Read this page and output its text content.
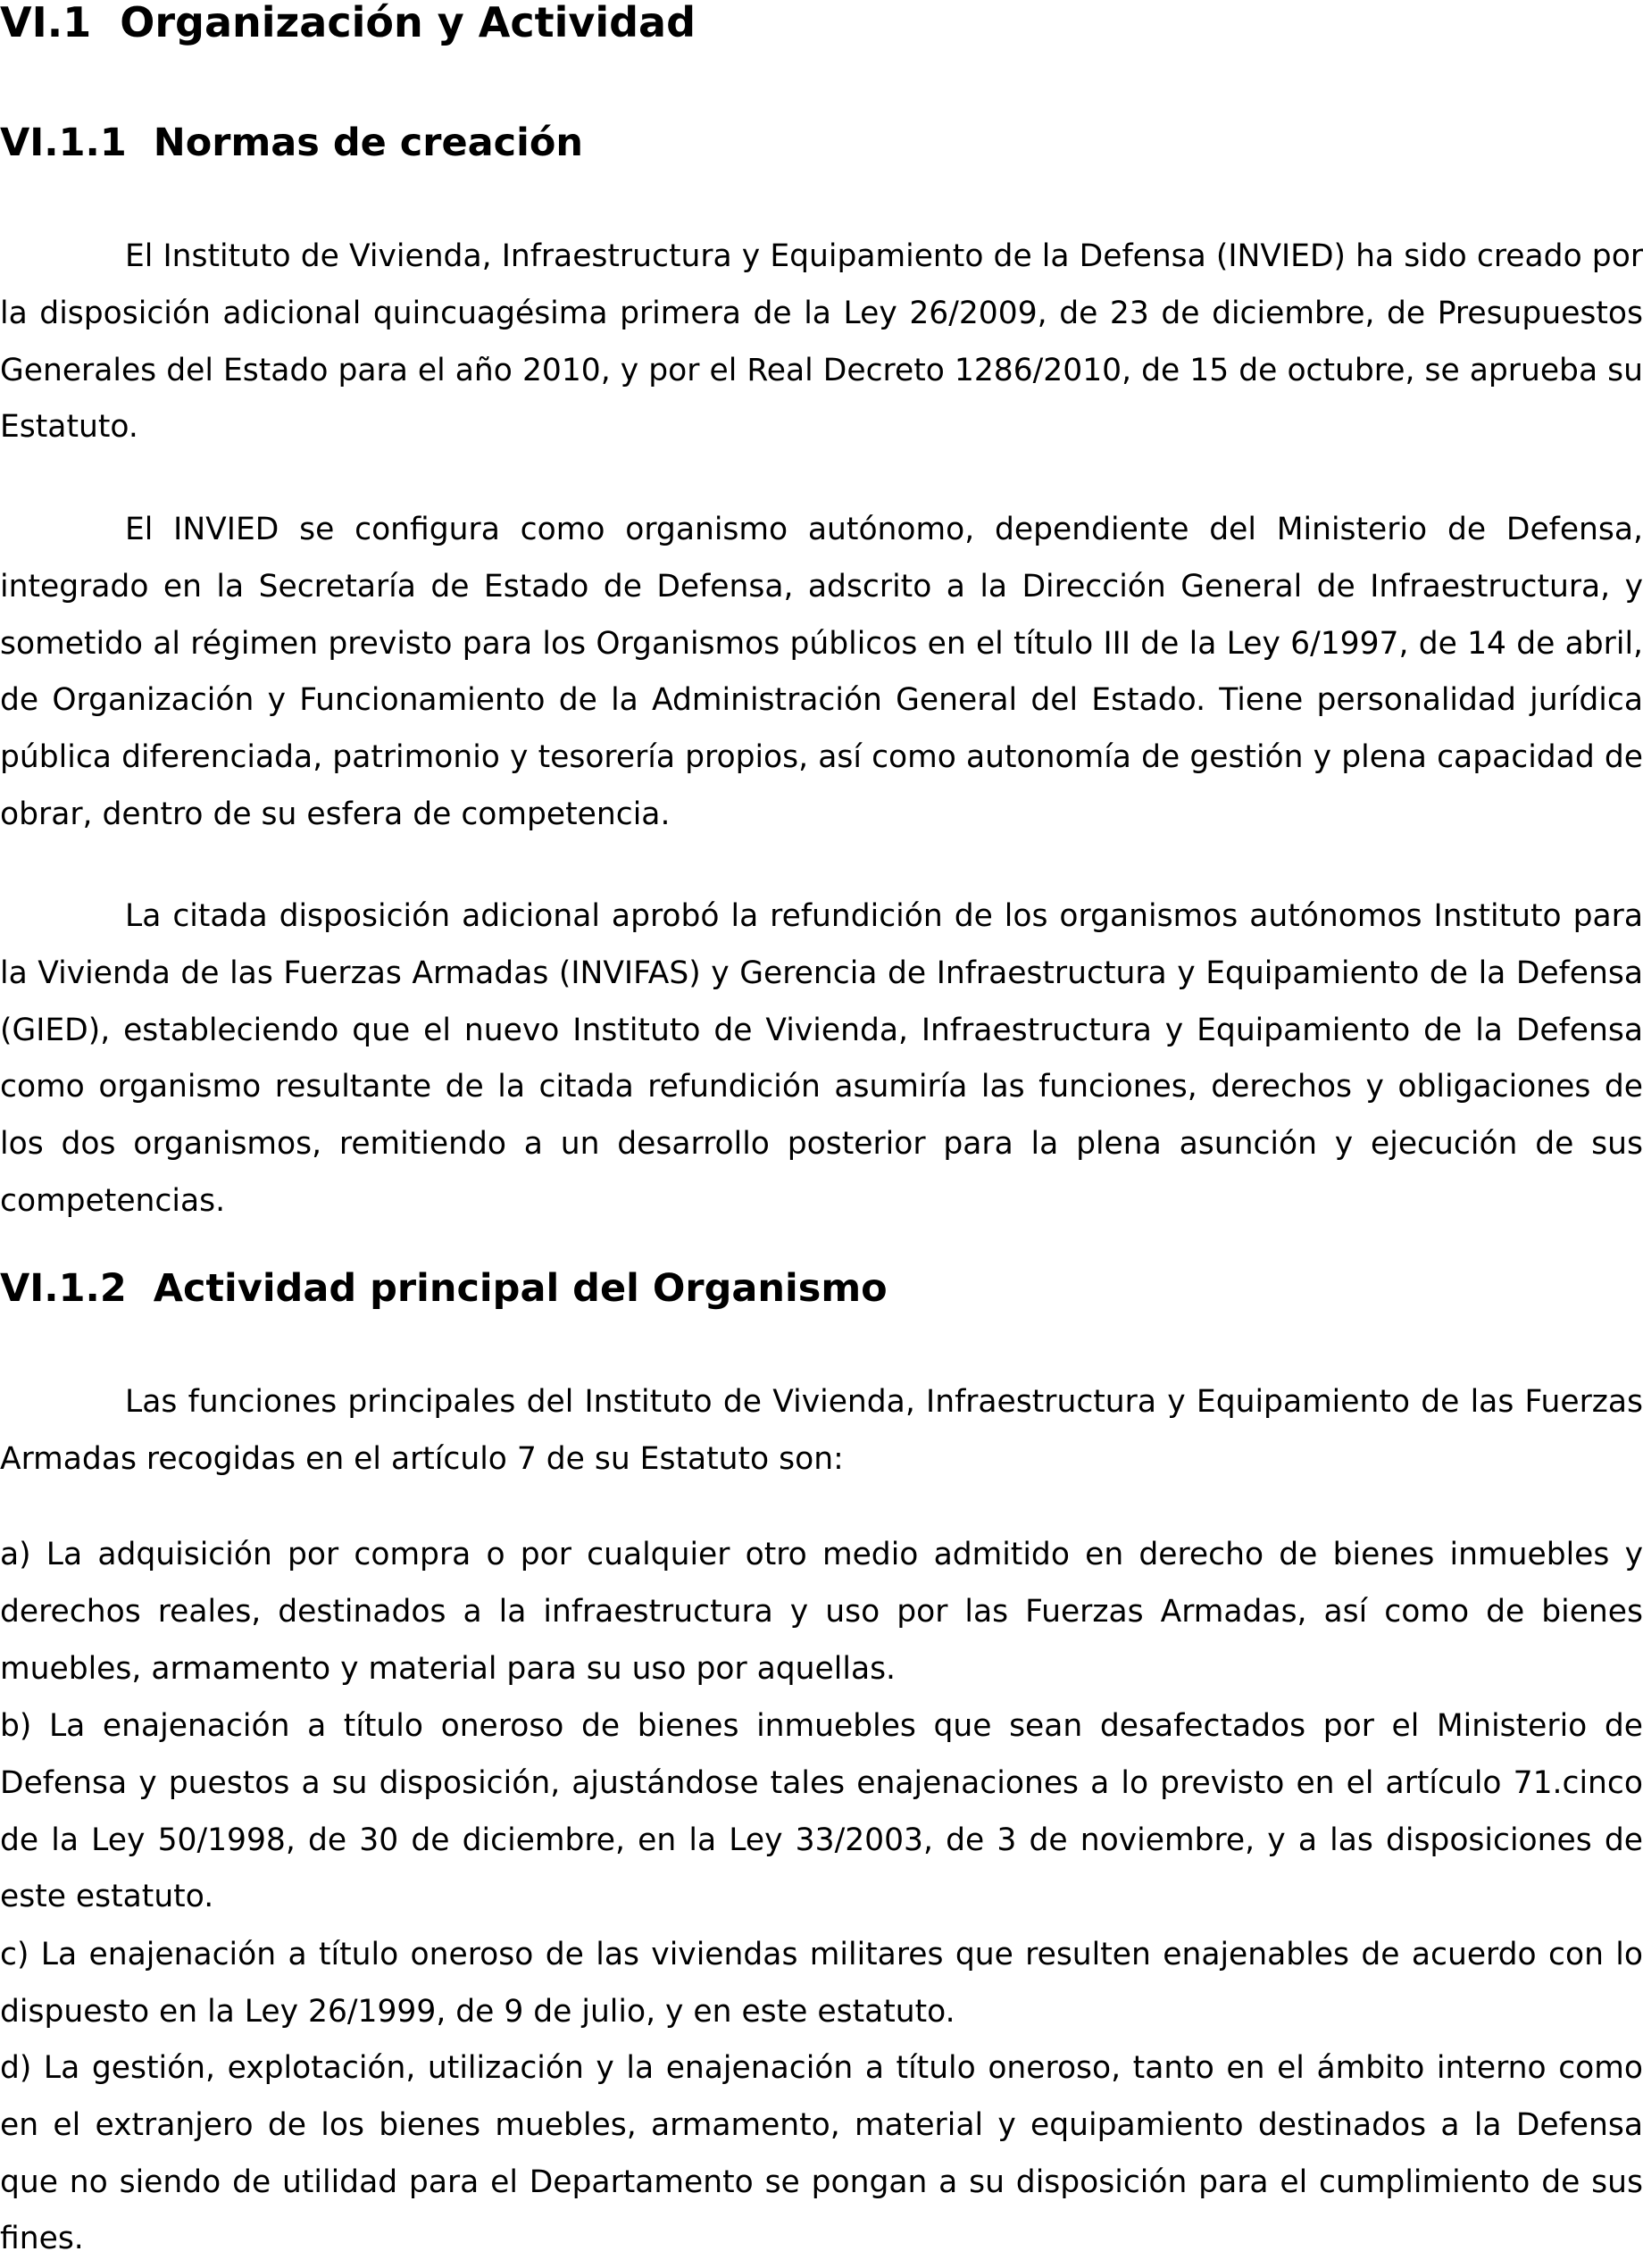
VI.1  Organización y Actividad
VI.1.1  Normas de creación

El Instituto de Vivienda, Infraestructura y Equipamiento de la Defensa (INVIED) ha sido creado por la disposición adicional quincuagésima primera de la Ley 26/2009, de 23 de diciembre, de Presupuestos Generales del Estado para el año 2010, y por el Real Decreto 1286/2010, de 15 de octubre, se aprueba su Estatuto.

El INVIED se configura como organismo autónomo, dependiente del Ministerio de Defensa, integrado en la Secretaría de Estado de Defensa, adscrito a la Dirección General de Infraestructura, y sometido al régimen previsto para los Organismos públicos en el título III de la Ley 6/1997, de 14 de abril, de Organización y Funcionamiento de la Administración General del Estado. Tiene personalidad jurídica pública diferenciada, patrimonio y tesorería propios, así como autonomía de gestión y plena capacidad de obrar, dentro de su esfera de competencia.

La citada disposición adicional aprobó la refundición de los organismos autónomos Instituto para la Vivienda de las Fuerzas Armadas (INVIFAS) y Gerencia de Infraestructura y Equipamiento de la Defensa (GIED), estableciendo que el nuevo Instituto de Vivienda, Infraestructura y Equipamiento de la Defensa como organismo resultante de la citada refundición asumiría las funciones, derechos y obligaciones de los dos organismos, remitiendo a un desarrollo posterior para la plena asunción y ejecución de sus competencias.

VI.1.2  Actividad principal del Organismo

Las funciones principales del Instituto de Vivienda, Infraestructura y Equipamiento de las Fuerzas Armadas recogidas en el artículo 7 de su Estatuto son:

a) La adquisición por compra o por cualquier otro medio admitido en derecho de bienes inmuebles y derechos reales, destinados a la infraestructura y uso por las Fuerzas Armadas, así como de bienes muebles, armamento y material para su uso por aquellas.

b) La enajenación a título oneroso de bienes inmuebles que sean desafectados por el Ministerio de Defensa y puestos a su disposición, ajustándose tales enajenaciones a lo previsto en el artículo 71.cinco de la Ley 50/1998, de 30 de diciembre, en la Ley 33/2003, de 3 de noviembre, y a las disposiciones de este estatuto.

c) La enajenación a título oneroso de las viviendas militares que resulten enajenables de acuerdo con lo dispuesto en la Ley 26/1999, de 9 de julio, y en este estatuto.

d) La gestión, explotación, utilización y la enajenación a título oneroso, tanto en el ámbito interno como en el extranjero de los bienes muebles, armamento, material y equipamiento destinados a la Defensa que no siendo de utilidad para el Departamento se pongan a su disposición para el cumplimiento de sus fines.
